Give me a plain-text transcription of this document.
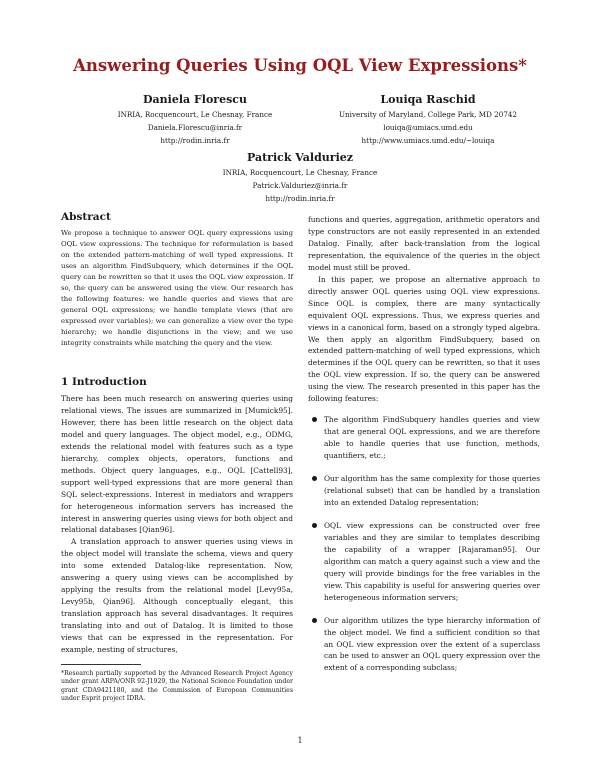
Answering Queries Using OQL View Expressions*
Daniela Florescu
INRIA, Rocquencourt, Le Chesnay, France
Daniela.Florescu@inria.fr
http://rodin.inria.fr
Louiqa Raschid
University of Maryland, College Park, MD 20742
louiqa@umiacs.umd.edu
http://www.umiacs.umd.edu/~louiqa
Patrick Valduriez
INRIA, Rocquencourt, Le Chesnay, France
Patrick.Valduriez@inria.fr
http://rodin.inria.fr
Abstract

We propose a technique to answer OQL query expressions using OQL view expressions. The technique for reformulation is based on the extended pattern-matching of well typed expressions. It uses an algorithm FindSubquery, which determines if the OQL query can be rewritten so that it uses the OQL view expression. If so, the query can be answered using the view. Our research has the following features: we handle queries and views that are general OQL expressions; we handle template views (that are expressed over variables); we can generalize a view over the type hierarchy; we handle disjunctions in the view; and we use integrity constraints while matching the query and the view.

1 Introduction

There has been much research on answering queries using relational views. The issues are summarized in [Mumick95]. However, there has been little research on the object data model and query languages. The object model, e.g., ODMG, extends the relational model with features such as a type hierarchy, complex objects, operators, functions and methods. Object query languages, e.g., OQL [Cattell93], support well-typed expressions that are more general than SQL select-expressions. Interest in mediators and wrappers for heterogeneous information servers has increased the interest in answering queries using views for both object and relational databases [Qian96].

A translation approach to answer queries using views in the object model will translate the schema, views and query into some extended Datalog-like representation. Now, answering a query using views can be accomplished by applying the results from the relational model [Levy95a, Levy95b, Qian96]. Although conceptually elegant, this translation approach has several disadvantages. It requires translating into and out of Datalog. It is limited to those views that can be expressed in the representation. For example, nesting of structures,

functions and queries, aggregation, arithmetic operators and type constructors are not easily represented in an extended Datalog. Finally, after back-translation from the logical representation, the equivalence of the queries in the object model must still be proved.

In this paper, we propose an alternative approach to directly answer OQL queries using OQL view expressions. Since OQL is complex, there are many syntactically equivalent OQL expressions. Thus, we express queries and views in a canonical form, based on a strongly typed algebra. We then apply an algorithm FindSubquery, based on extended pattern-matching of well typed expressions, which determines if the OQL query can be rewritten, so that it uses the OQL view expression. If so, the query can be answered using the view. The research presented in this paper has the following features:

The algorithm FindSubquery handles queries and view that are general OQL expressions, and we are therefore able to handle queries that use function, methods, quantifiers, etc.;
Our algorithm has the same complexity for those queries (relational subset) that can be handled by a translation into an extended Datalog representation;
OQL view expressions can be constructed over free variables and they are similar to templates describing the capability of a wrapper [Rajaraman95]. Our algorithm can match a query against such a view and the query will provide bindings for the free variables in the view. This capability is useful for answering queries over heterogeneous information servers;
Our algorithm utilizes the type hierarchy information of the object model. We find a sufficient condition so that an OQL view expression over the extent of a superclass can be used to answer an OQL query expression over the extent of a corresponding subclass;
*Research partially supported by the Advanced Research Project Agency under grant ARPA/ONR 92-J1929, the National Science Foundation under grant CDA9421180, and the Commission of European Communities under Esprit project IDRA.
1
